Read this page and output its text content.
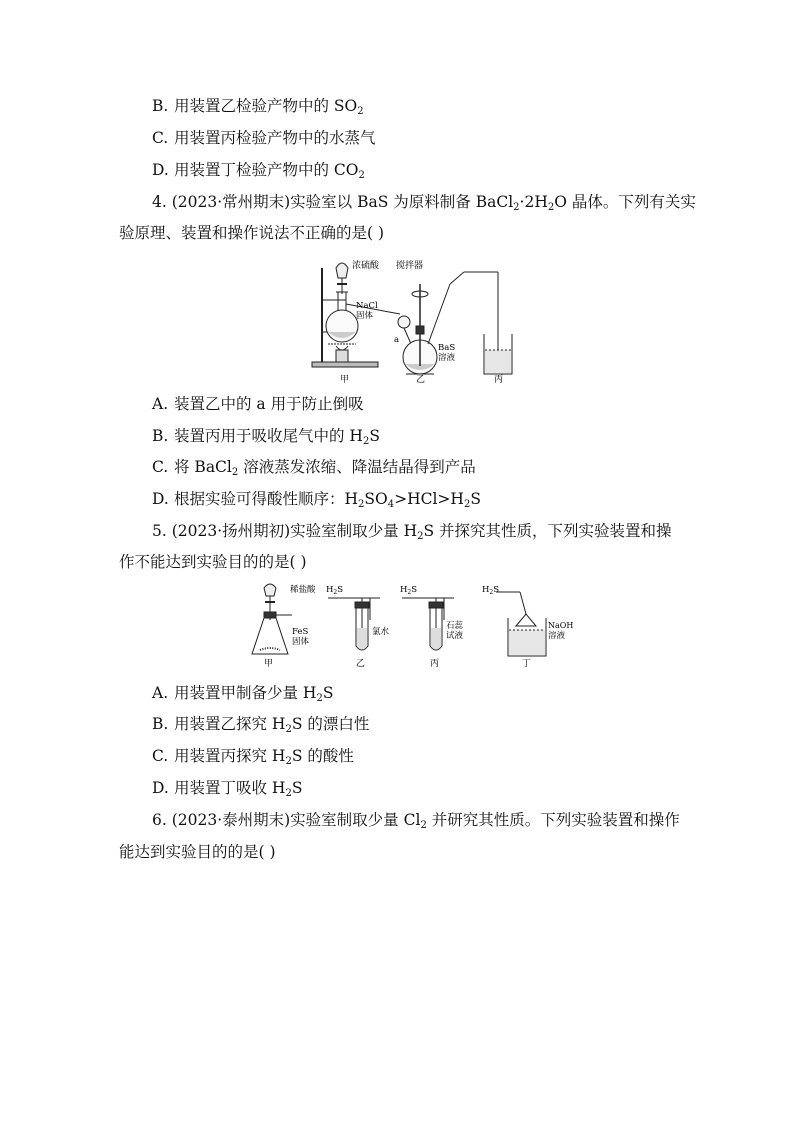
B. 用装置乙检验产物中的 $SO_2$
C. 用装置丙检验产物中的水蒸气
D. 用装置丁检验产物中的 $CO_2$
4. (2023·常州期末)实验室以 BaS 为原料制备 $BaCl_2\cdot 2H_2O$ 晶体。下列有关实
验原理、装置和操作说法不正确的是( )
浓硫酸 搅拌器
NaCl
固体
a
BaS
溶液
甲	乙	丙
A. 装置乙中的 a 用于防止倒吸
B. 装置丙用于吸收尾气中的 $H_2S$
C. 将 BaCl$_2$ 溶液蒸发浓缩、降温结晶得到产品
D. 根据实验可得酸性顺序：$H_2SO_4>HCl>H_2S$
5. (2023·扬州期初)实验室制取少量 $H_2S$ 并探究其性质，下列实验装置和操
作不能达到实验目的的是( )
稀盐酸
FeS
固体
$H_2S$	$H_2S$	$H_2S$
氯水
石蕊
试液
NaOH
溶液
甲	乙	丙	丁
A. 用装置甲制备少量 $H_2S$
B. 用装置乙探究 $H_2S$ 的漂白性
C. 用装置丙探究 $H_2S$ 的酸性
D. 用装置丁吸收 $H_2S$
6. (2023·泰州期末)实验室制取少量 $Cl_2$ 并研究其性质。下列实验装置和操作
能达到实验目的的是( )
